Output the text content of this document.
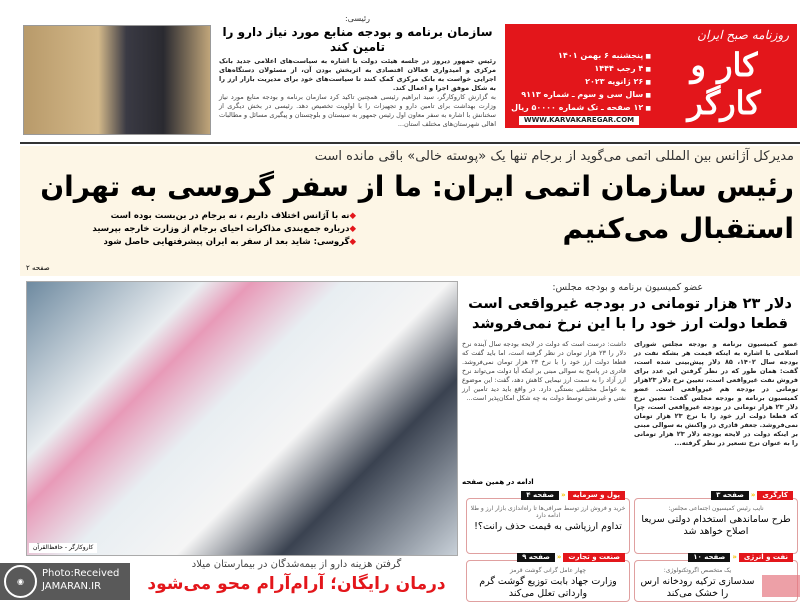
روزنامه صبح ایران
کار و کارگر
■ پنجشنبه ۶ بهمن ۱۴۰۱
■ ۴ رجب ۱۴۴۴
■ ۲۶ ژانویه ۲۰۲۳
■ سال سی و سوم ـ شماره ۹۱۱۳
■ ۱۲ صفحه ـ تک شماره ۵۰۰۰۰ ریال
WWW.KARVAKAREGAR.COM
رئیسی:
سازمان برنامه و بودجه منابع مورد نیاز دارو را تامین کند
رئیس جمهور دیروز در جلسه هیئت دولت با اشاره به سیاست‌های اعلامی جدید بانک مرکزی و امیدواری فعالان اقتصادی به اثربخش بودن آن، از مسئولان دستگاه‌های اجرایی خواست به بانک مرکزی کمک کنند تا سیاست‌های خود برای مدیریت بازار ارز را به شکل موفق اجرا و اعمال کند.
به گزارش کاروکارگر، سید ابراهیم رئیسی همچنین تاکید کرد سازمان برنامه و بودجه منابع مورد نیاز وزارت بهداشت برای تامین دارو و تجهیزات را با اولویت تخصیص دهد. رئیسی در بخش دیگری از سخنانش با اشاره به سفر معاون اول رئیس جمهور به سیستان و بلوچستان و پیگیری مسائل و مطالبات اهالی شهرستان‌های مختلف استان...
مدیرکل آژانس بین المللی اتمی می‌گوید از برجام تنها یک «پوسته خالی» باقی مانده است
◆نه با آژانس اختلاف داریم ، نه برجام در بن‌بست بوده است
◆درباره جمع‌بندی مذاکرات احیای برجام از وزارت خارجه بپرسید
◆گروسی: شاید بعد از سفر به ایران پیشرفتهایی حاصل شود
رئیس سازمان اتمی ایران: ما از سفر گروسی به تهران استقبال می‌کنیم
صفحه ۲
کاروکارگر - حافظ‌القرآن
گرفتن هزینه دارو از بیمه‌شدگان در بیمارستان میلاد
درمان رایگان؛ آرام‌آرام محو می‌شود
عضو کمیسیون برنامه و بودجه مجلس:
دلار ۲۳ هزار تومانی در بودجه غیرواقعی است قطعا دولت ارز خود را با این نرخ نمی‌فروشد
عضو کمیسیون برنامه و بودجه مجلس شورای اسلامی با اشاره به اینکه قیمت هر بشکه نفت در بودجه سال ۱۴۰۲، ۸۵ دلار پیش‌بینی شده است، گفت: همان طور که در نظر گرفتن این عدد برای فروش نفت غیرواقعی است، تعیین نرخ دلار ۲۳هزار تومانی در بودجه هم غیرواقعی است. عضو کمیسیون برنامه و بودجه مجلس گفت: تعیین نرخ دلار ۲۳ هزار تومانی در بودجه غیرواقعی است، چرا که قطعا دولت ارز خود را با نرخ ۲۳ هزار تومان نمی‌فروشد. جعفر قادری در واکنش به سوالی مبنی بر اینکه دولت در لایحه بودجه دلار ۲۳ هزار تومانی را به عنوان نرخ تسعیر در نظر گرفته...
داشت: درست است که دولت در لایحه بودجه سال آینده نرخ دلار را ۲۳ هزار تومان در نظر گرفته است، اما باید گفت که قطعا دولت ارز خود را با نرخ ۲۳ هزار تومان نمی‌فروشد. قادری در پاسخ به سوالی مبنی بر اینکه آیا دولت می‌تواند نرخ ارز آزاد را به سمت ارز نیمایی کاهش دهد، گفت: این موضوع به عوامل مختلفی بستگی دارد. در واقع باید دید تامین ارز نفتی و غیرنفتی توسط دولت به چه شکل امکان‌پذیر است...
ادامه در همین صفحه
کارگری
«
صفحه ۳
نایب رئیس کمیسیون اجتماعی مجلس:
طرح ساماندهی استخدام دولتی سریعا اصلاح خواهد شد
پول و سرمایه
«
صفحه ۴
خرید و فروش ارز توسط صرافی‌ها تا راه‌اندازی بازار ارز و طلا ادامه دارد
تداوم ارزپاشی به قیمت حذف رانت؟!
نفت و انرژی
«
صفحه ۱۰
یک متخصص اگروتکنولوژی:
سدسازی ترکیه رودخانه ارس را خشک می‌کند
صنعت و تجارت
«
صفحه ۹
چهار عامل گرانی گوشت قرمز
وزارت جهاد بابت توزیع گوشت گرم وارداتی تعلل می‌کند
◉
Photo:Received
JAMARAN.IR
